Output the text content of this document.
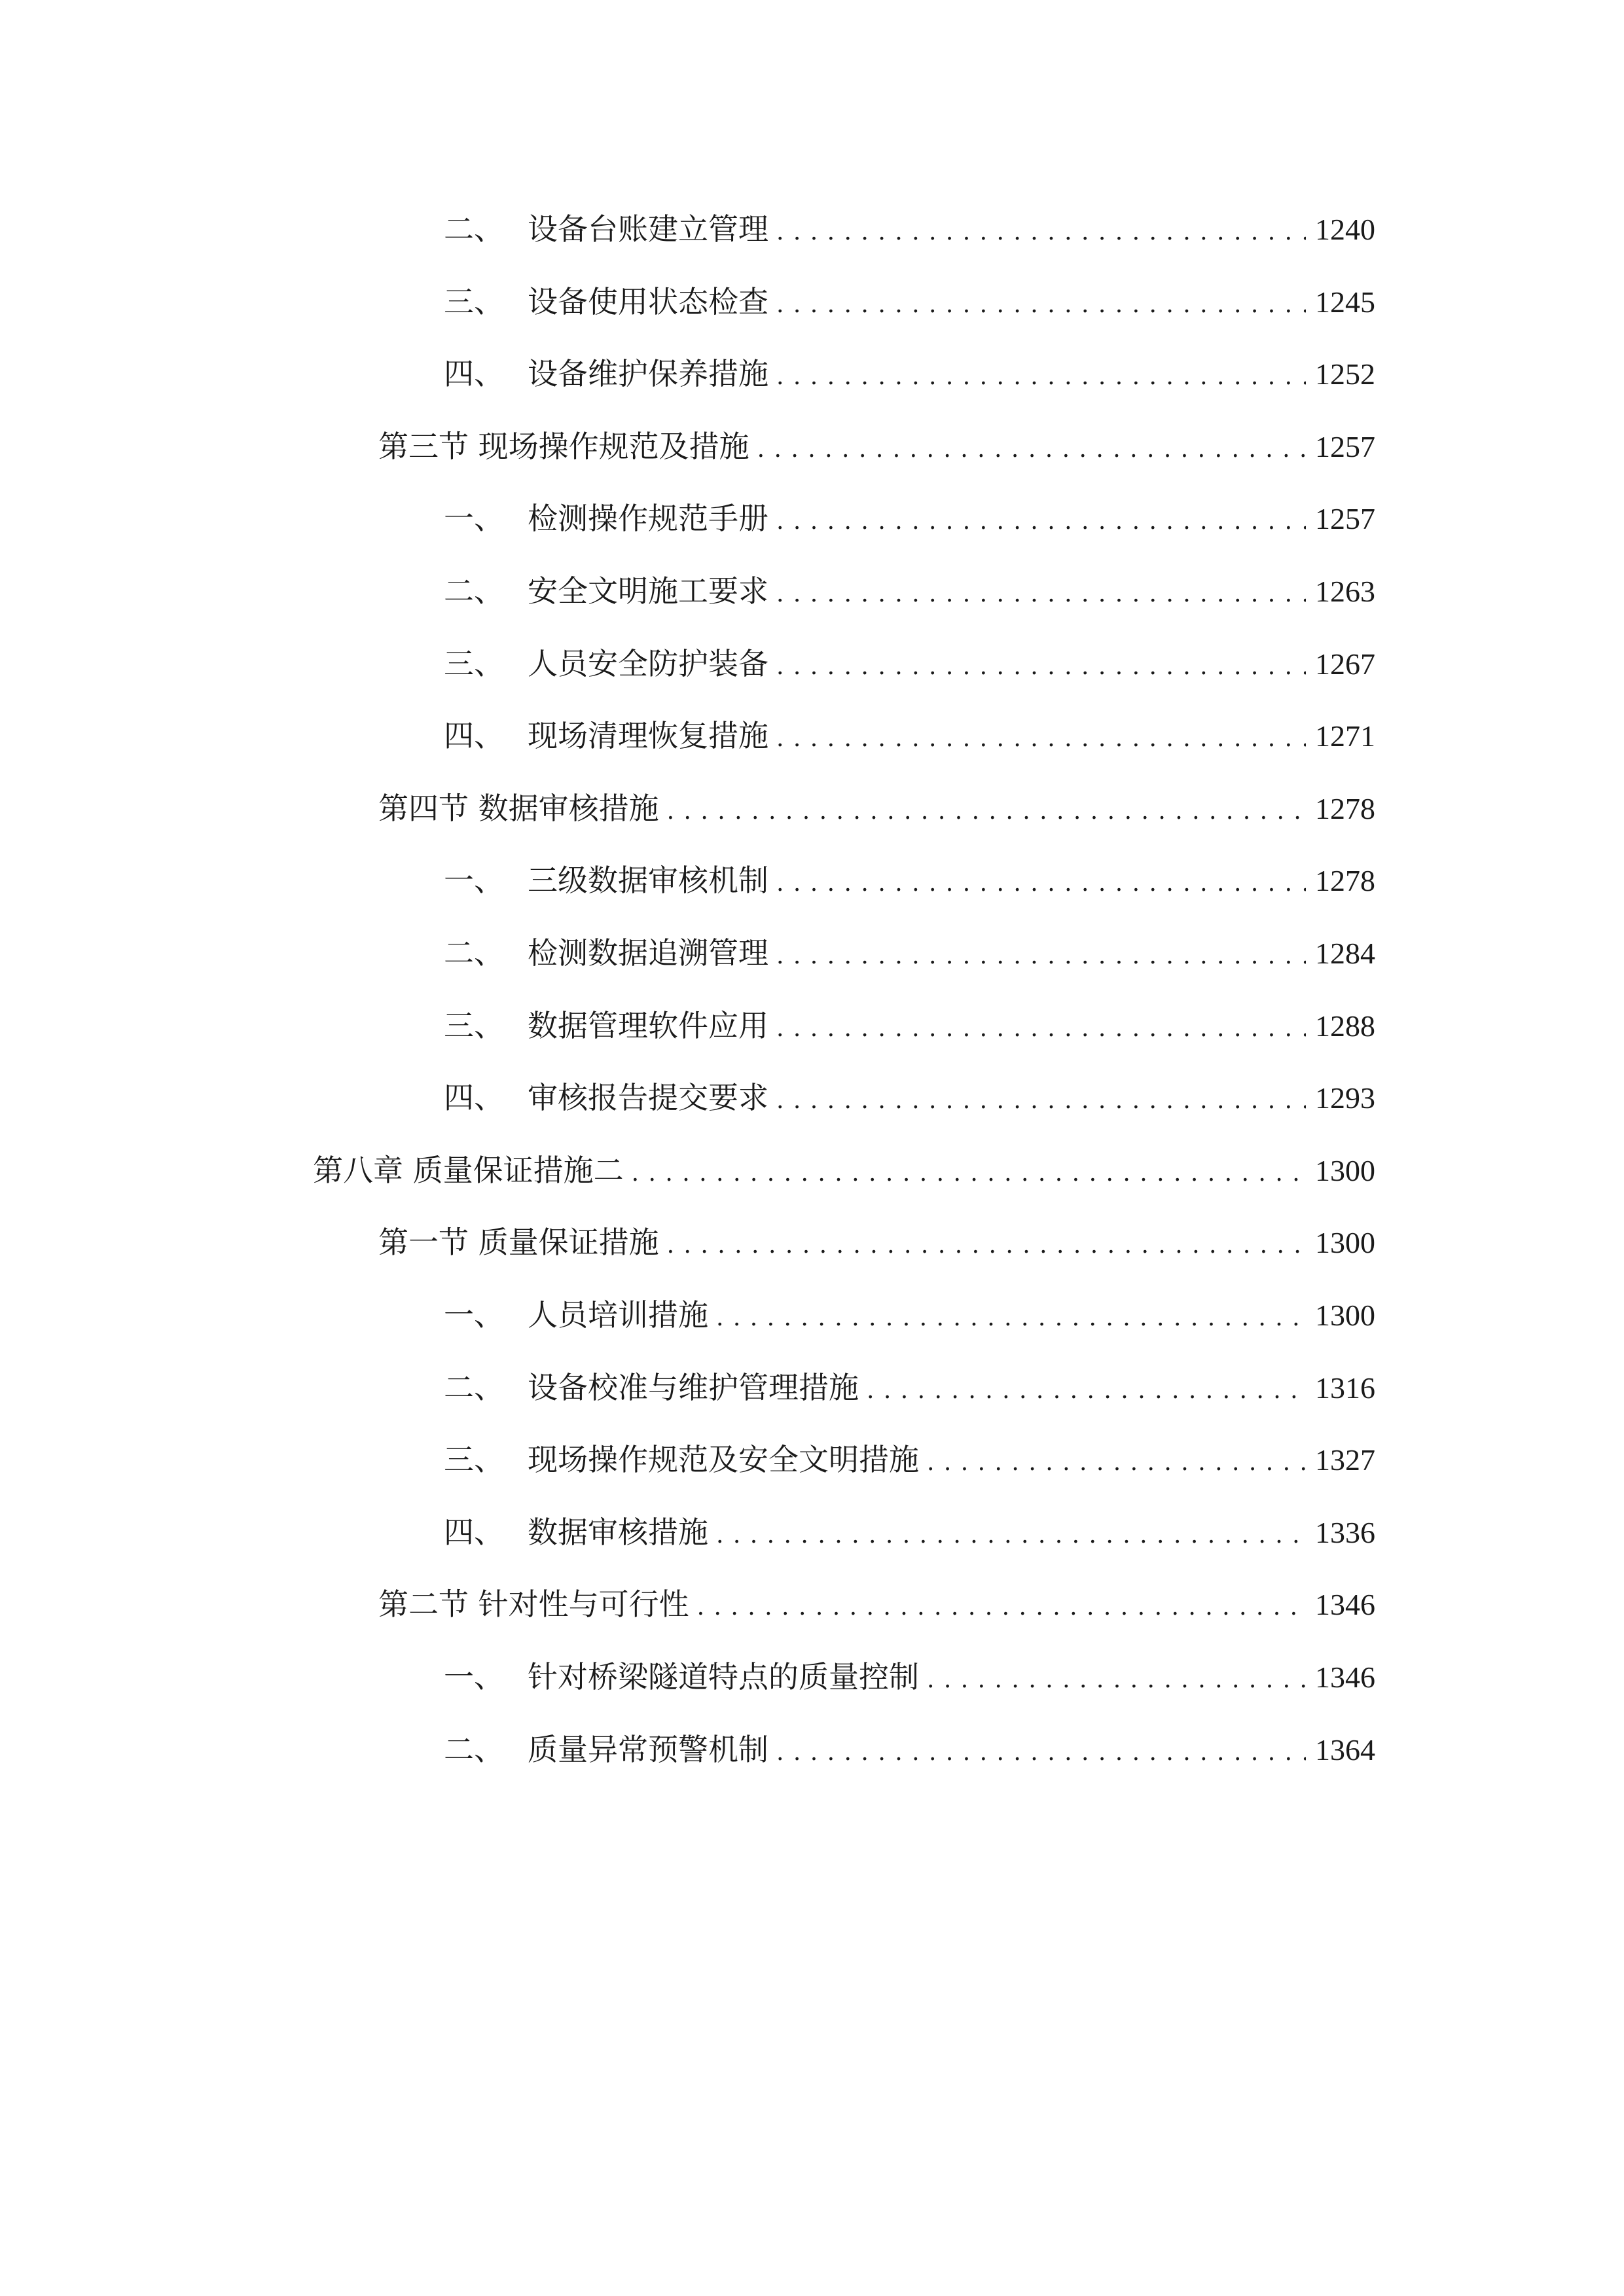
二、 设备台账建立管理 . . .	1240
三、 设备使用状态检查 . . .	1245
四、 设备维护保养措施 . . .	1252
第三节 现场操作规范及措施 . . .	1257
一、 检测操作规范手册 . . .	1257
二、 安全文明施工要求 . . .	1263
三、 人员安全防护装备 . . .	1267
四、 现场清理恢复措施 . . .	1271
第四节 数据审核措施 . . .	1278
一、 三级数据审核机制 . . .	1278
二、 检测数据追溯管理 . . .	1284
三、 数据管理软件应用 . . .	1288
四、 审核报告提交要求 . . .	1293
第八章 质量保证措施二 . . .	1300
第一节 质量保证措施 . . .	1300
一、 人员培训措施 . . .	1300
二、 设备校准与维护管理措施 . . .	1316
三、 现场操作规范及安全文明措施 . . .	1327
四、 数据审核措施 . . .	1336
第二节 针对性与可行性 . . .	1346
一、 针对桥梁隧道特点的质量控制 . . .	1346
二、 质量异常预警机制 . . .	1364
